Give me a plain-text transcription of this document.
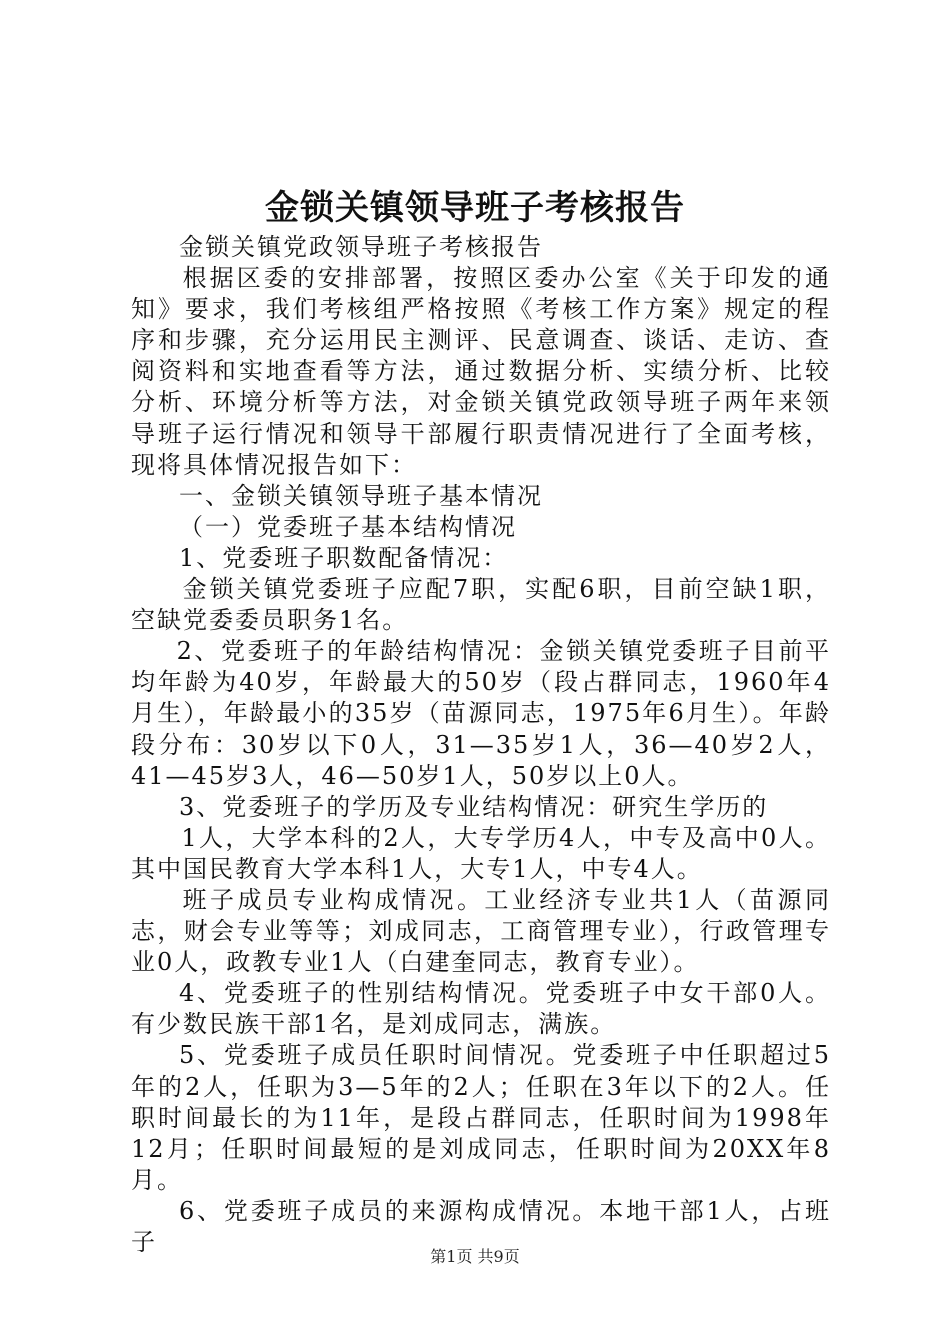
金锁关镇领导班子考核报告

金锁关镇党政领导班子考核报告

根据区委的安排部署，按照区委办公室《关于印发的通知》要求，我们考核组严格按照《考核工作方案》规定的程序和步骤，充分运用民主测评、民意调查、谈话、走访、查阅资料和实地查看等方法，通过数据分析、实绩分析、比较分析、环境分析等方法，对金锁关镇党政领导班子两年来领导班子运行情况和领导干部履行职责情况进行了全面考核，现将具体情况报告如下：

一、金锁关镇领导班子基本情况

（一）党委班子基本结构情况

1、党委班子职数配备情况：

金锁关镇党委班子应配7职，实配6职，目前空缺1职，空缺党委委员职务1名。

2、党委班子的年龄结构情况：金锁关镇党委班子目前平均年龄为40岁，年龄最大的50岁（段占群同志，1960年4月生），年龄最小的35岁（苗源同志，1975年6月生）。年龄段分布：30岁以下0人，31—35岁1人，36—40岁2人，41—45岁3人，46—50岁1人，50岁以上0人。

3、党委班子的学历及专业结构情况：研究生学历的

1人，大学本科的2人，大专学历4人，中专及高中0人。其中国民教育大学本科1人，大专1人，中专4人。

班子成员专业构成情况。工业经济专业共1人（苗源同志，财会专业等等；刘成同志，工商管理专业），行政管理专业0人，政教专业1人（白建奎同志，教育专业）。

4、党委班子的性别结构情况。党委班子中女干部0人。有少数民族干部1名，是刘成同志，满族。

5、党委班子成员任职时间情况。党委班子中任职超过5年的2人，任职为3—5年的2人；任职在3年以下的2人。任职时间最长的为11年，是段占群同志，任职时间为1998年12月；任职时间最短的是刘成同志，任职时间为20XX年8月。

6、党委班子成员的来源构成情况。本地干部1人，占班子

第1页 共9页
